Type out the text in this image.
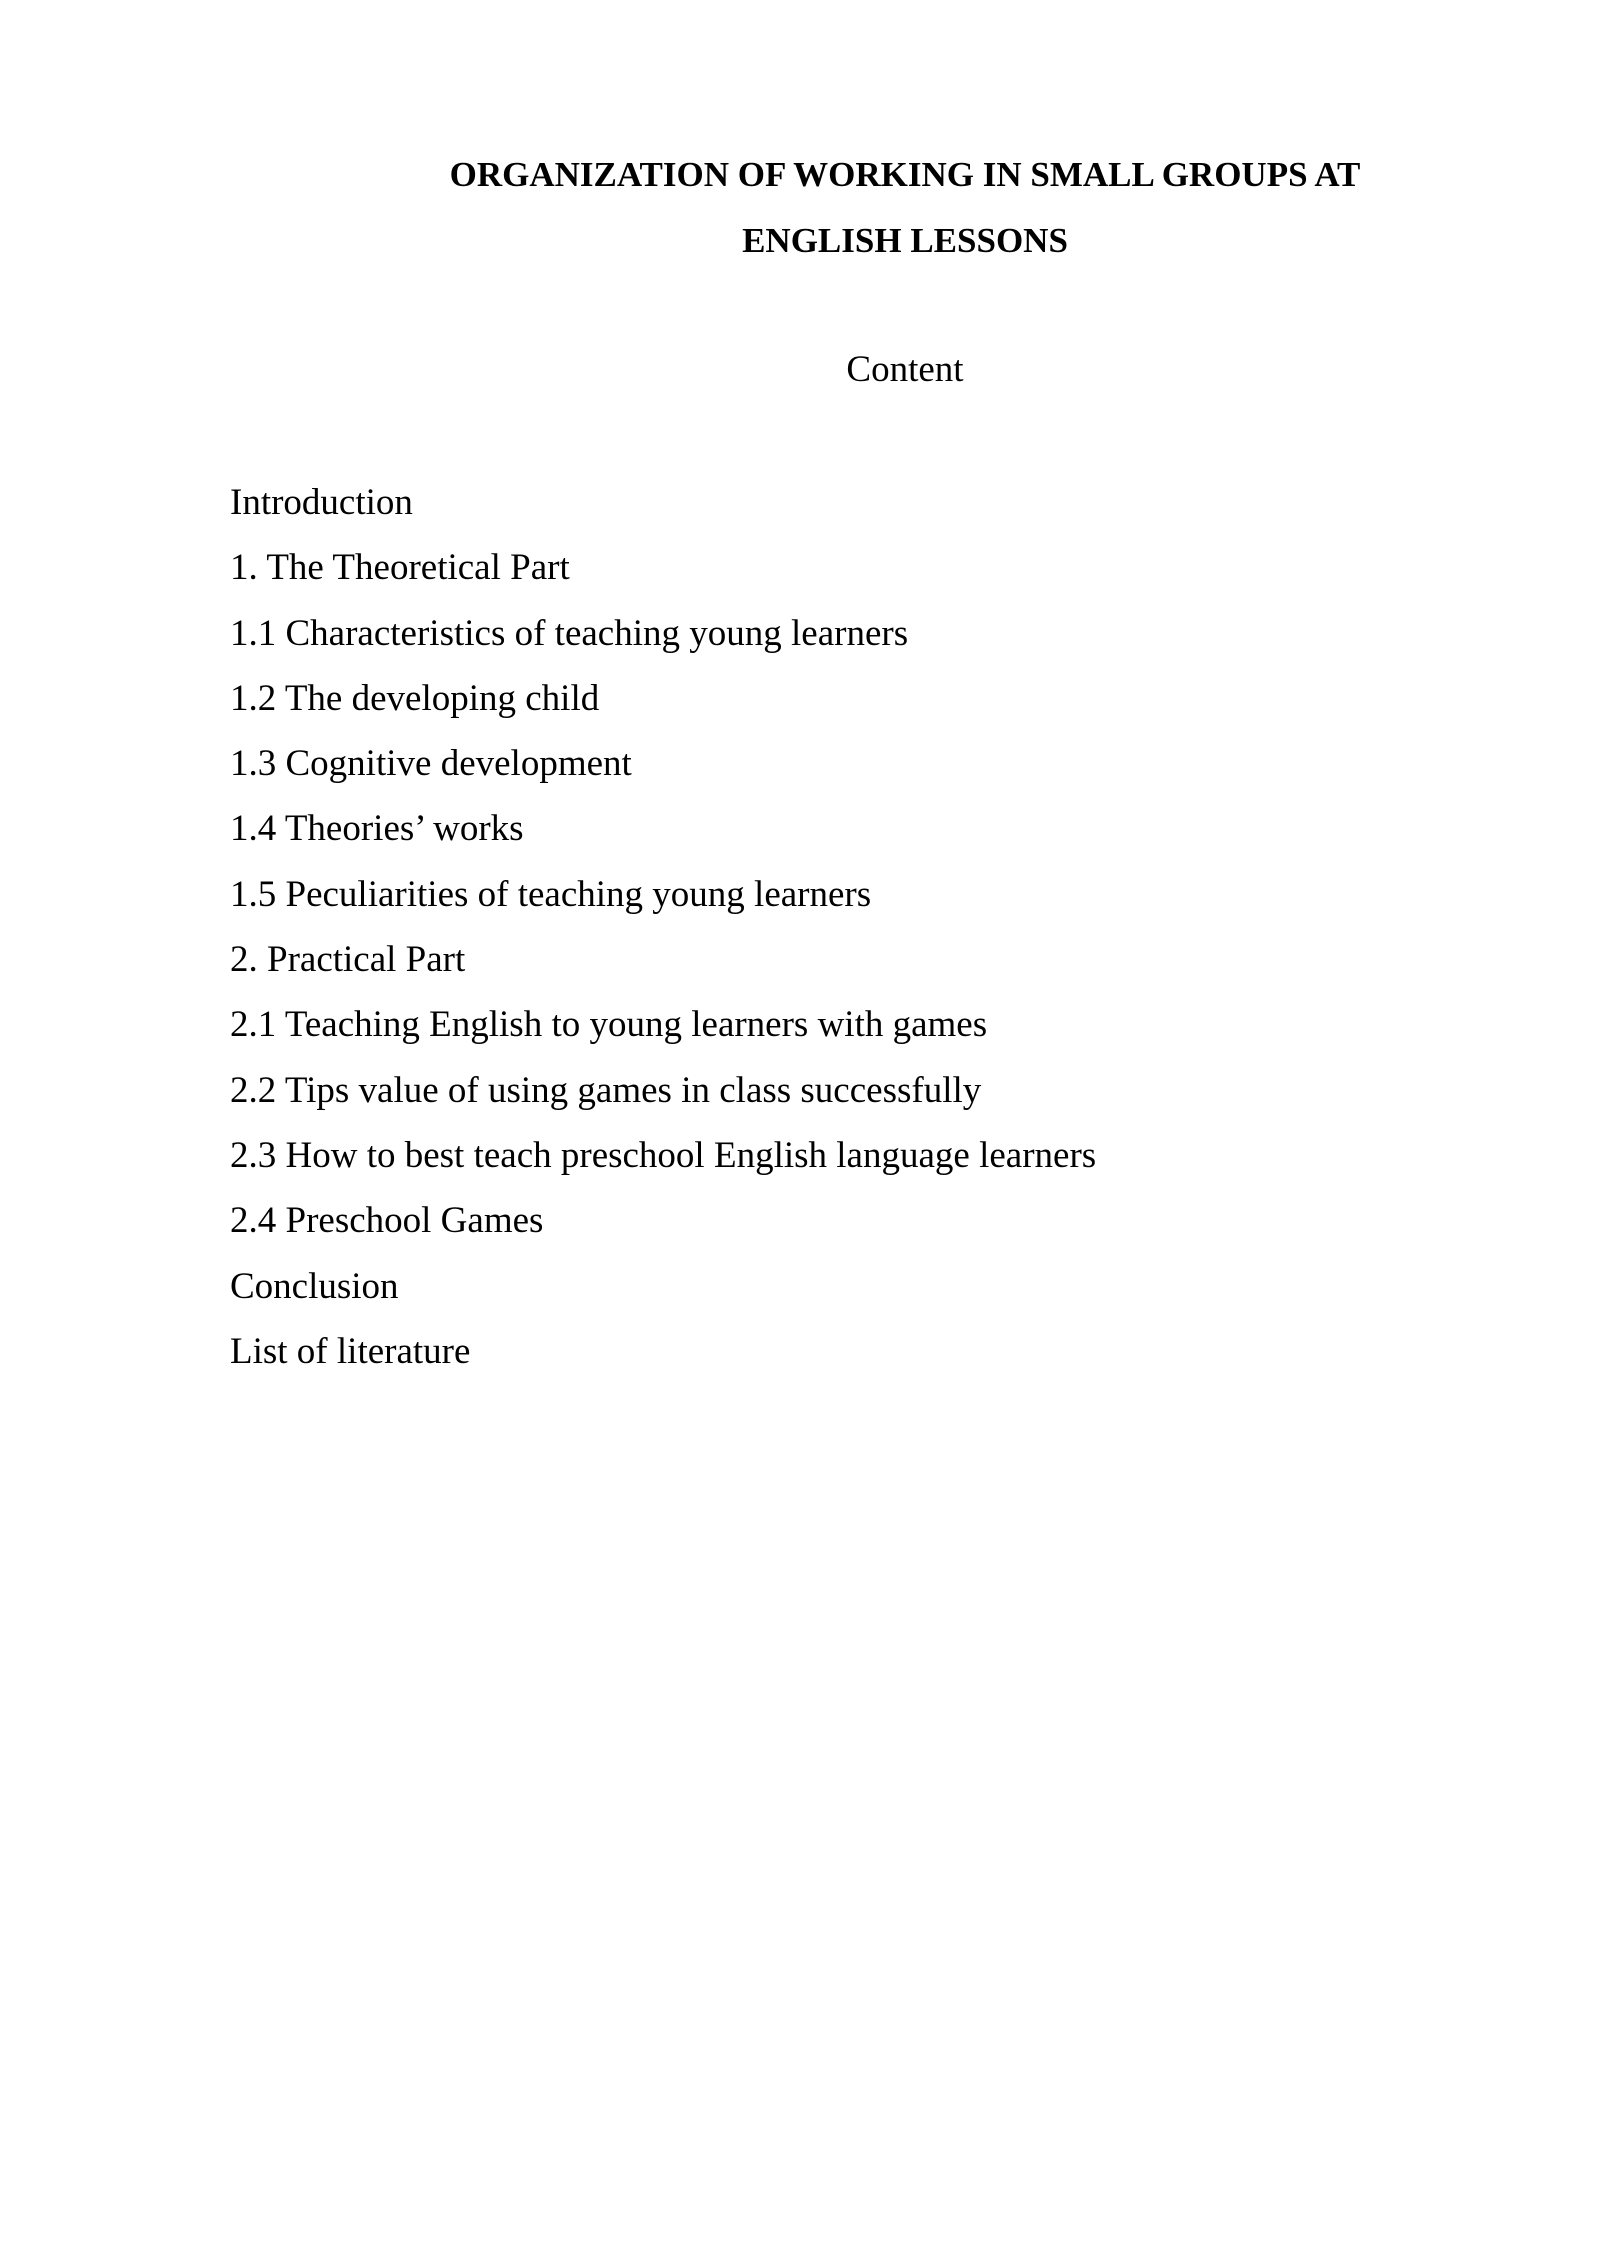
ORGANIZATION OF WORKING IN SMALL GROUPS AT
ENGLISH LESSONS
Content
Introduction
1. The Theoretical Part
1.1 Characteristics of teaching young learners
1.2 The developing child
1.3 Cognitive development
1.4 Theories’ works
1.5 Peculiarities of teaching young learners
2. Practical Part
2.1 Teaching English to young learners with games
2.2 Tips value of using games in class successfully
2.3 How to best teach preschool English language learners
2.4 Preschool Games
Conclusion
List of literature
